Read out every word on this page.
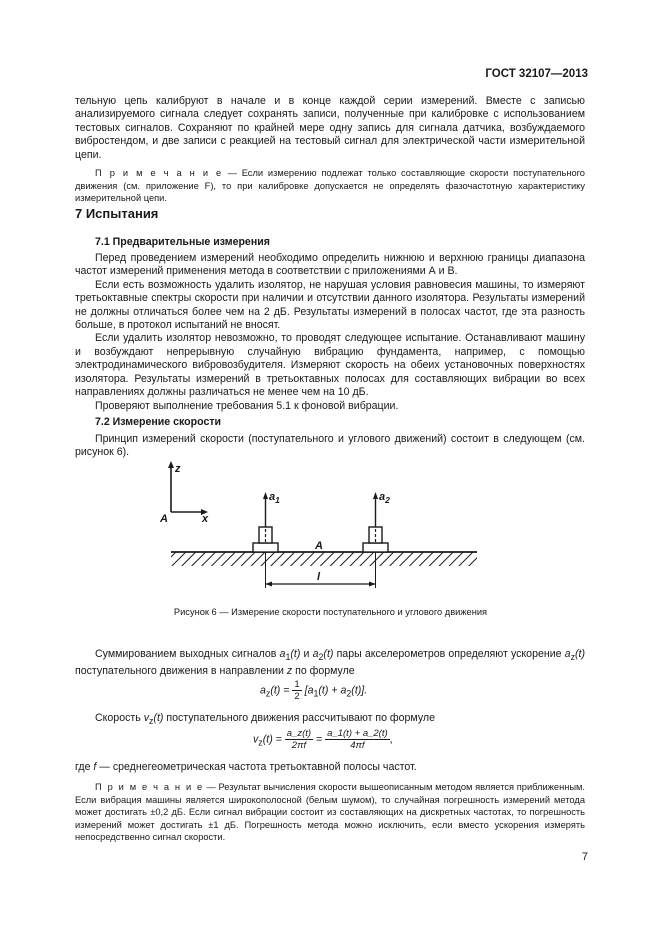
ГОСТ 32107—2013

тельную цепь калибруют в начале и в конце каждой серии измерений. Вместе с записью анализируемого сигнала следует сохранять записи, полученные при калибровке с использованием тестовых сигналов. Сохраняют по крайней мере одну запись для сигнала датчика, возбуждаемого вибростендом, и две записи с реакцией на тестовый сигнал для электрической части измерительной цепи.

П р и м е ч а н и е — Если измерению подлежат только составляющие скорости поступательного движения (см. приложение F), то при калибровке допускается не определять фазочастотную характеристику измерительной цепи.

7 Испытания
7.1 Предварительные измерения

Перед проведением измерений необходимо определить нижнюю и верхнюю границы диапазона частот измерений применения метода в соответствии с приложениями А и В.

Если есть возможность удалить изолятор, не нарушая условия равновесия машины, то измеряют третьоктавные спектры скорости при наличии и отсутствии данного изолятора. Результаты измерений не должны отличаться более чем на 2 дБ. Результаты измерений в полосах частот, где эта разность больше, в протокол испытаний не вносят.

Если удалить изолятор невозможно, то проводят следующее испытание. Останавливают машину и возбуждают непрерывную случайную вибрацию фундамента, например, с помощью электродинамического вибровозбудителя. Измеряют скорость на обеих установочных поверхностях изолятора. Результаты измерений в третьоктавных полосах для составляющих вибрации во всех направлениях должны различаться не менее чем на 10 дБ.

Проверяют выполнение требования 5.1 к фоновой вибрации.

7.2 Измерение скорости

Принцип измерений скорости (поступательного и углового движений) состоит в следующем (см. рисунок 6).

z
x
A
A
$a_1$	$a_2$
l
Рисунок 6 — Измерение скорости поступательного и углового движения

Суммированием выходных сигналов $a_1(t)$ и $a_2(t)$ пары акселерометров определяют ускорение $a_z(t)$ поступательного движения в направлении z по формуле

$a_z(t) = \frac{1}{2} [a_1(t) + a_2(t)]$.

Скорость $v_z(t)$ поступательного движения рассчитывают по формуле

$v_z(t) = \frac{a\_z(t)}{2\pi f} = \frac{a\_1(t) + a\_2(t)}{4\pi f}$ ,

где f — среднегеометрическая частота третьоктавной полосы частот.

П р и м е ч а н и е — Результат вычисления скорости вышеописанным методом является приближенным. Если вибрация машины является широкополосной (белым шумом), то случайная погрешность измерений метода может достигать ±0,2 дБ. Если сигнал вибрации состоит из составляющих на дискретных частотах, то погрешность измерений может достигать ±1 дБ. Погрешность метода можно исключить, если вместо ускорения измерять непосредственно сигнал скорости.

7
